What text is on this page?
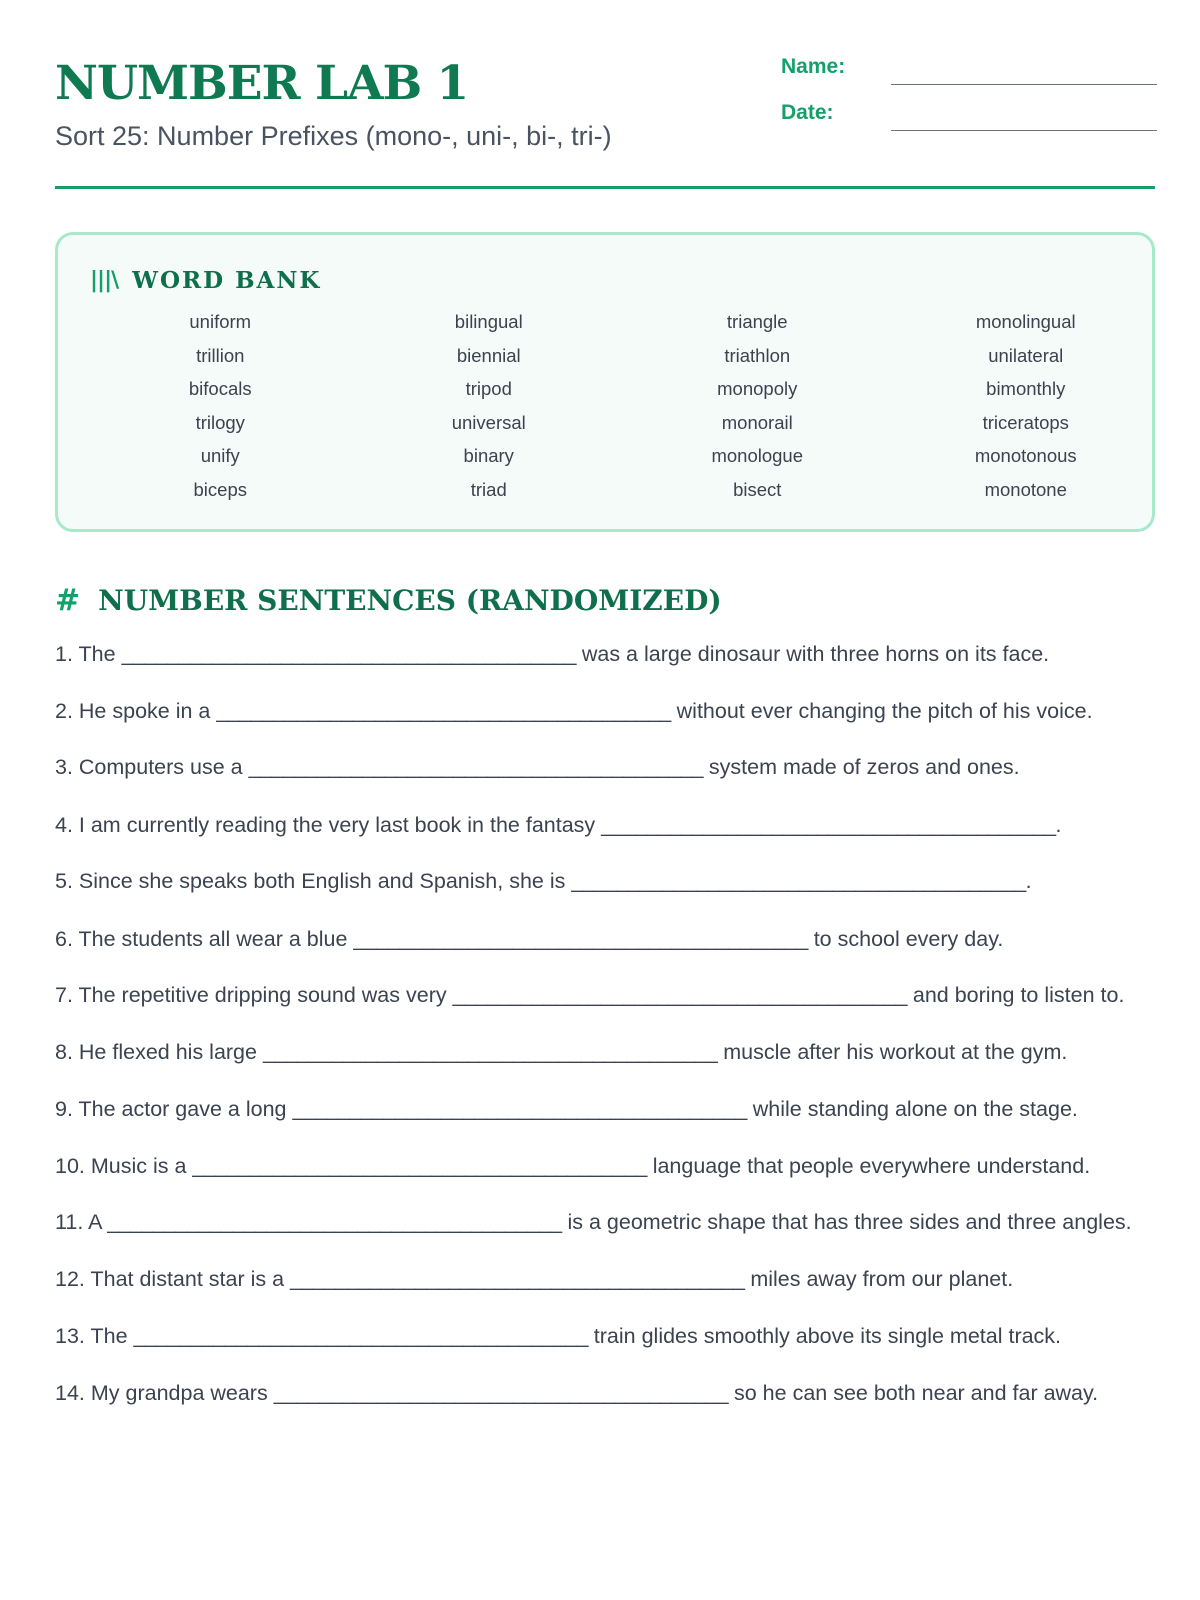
NUMBER LAB 1
Sort 25: Number Prefixes (mono-, uni-, bi-, tri-)
Name:
Date:
|||\ WORD BANK
uniform	bilingual	triangle	monolingual
trillion	biennial	triathlon	unilateral
bifocals	tripod	monopoly	bimonthly
trilogy	universal	monorail	triceratops
unify	binary	monologue	monotonous
biceps	triad	bisect	monotone
# NUMBER SENTENCES (RANDOMIZED)
1. The ________________________________________ was a large dinosaur with three horns on its face.
2. He spoke in a ________________________________________ without ever changing the pitch of his voice.
3. Computers use a ________________________________________ system made of zeros and ones.
4. I am currently reading the very last book in the fantasy ________________________________________.
5. Since she speaks both English and Spanish, she is ________________________________________.
6. The students all wear a blue ________________________________________ to school every day.
7. The repetitive dripping sound was very ________________________________________ and boring to listen to.
8. He flexed his large ________________________________________ muscle after his workout at the gym.
9. The actor gave a long ________________________________________ while standing alone on the stage.
10. Music is a ________________________________________ language that people everywhere understand.
11. A ________________________________________ is a geometric shape that has three sides and three angles.
12. That distant star is a ________________________________________ miles away from our planet.
13. The ________________________________________ train glides smoothly above its single metal track.
14. My grandpa wears ________________________________________ so he can see both near and far away.
